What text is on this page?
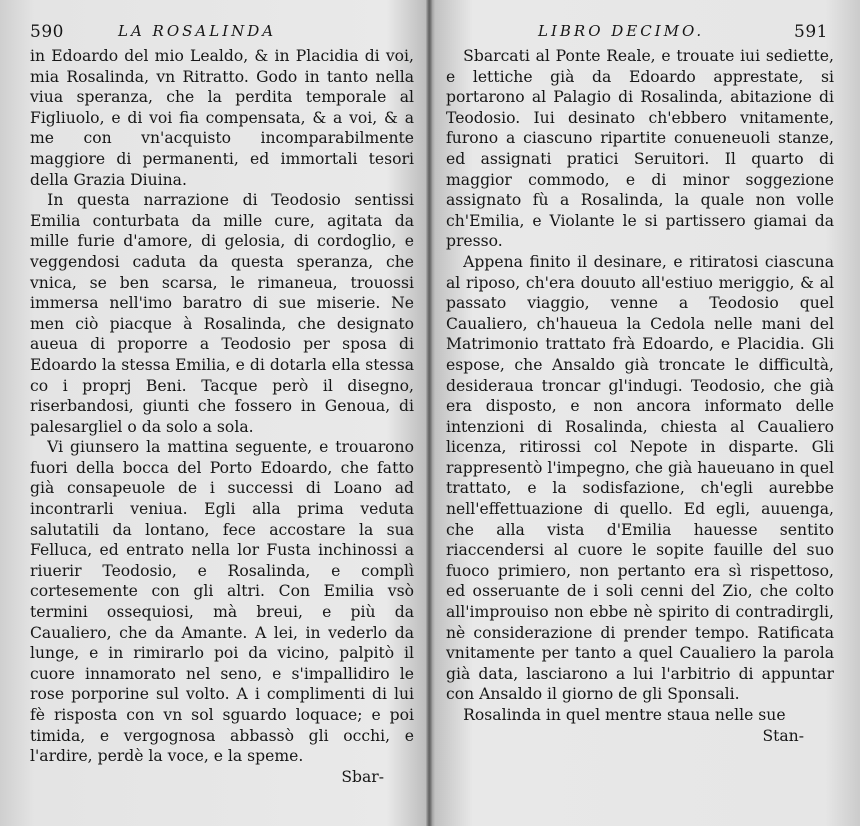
590	LA ROSALINDA

in Edoardo del mio Lealdo, & in Placidia di voi, mia Rosalinda, vn Ritratto. Godo in tanto nella viua speranza, che la perdita temporale al Figliuolo, e di voi fia compensata, & a voi, & a me con vn'acquisto incomparabilmente maggiore di permanenti, ed immortali tesori della Grazia Diuina.

In questa narrazione di Teodosio sentissi Emilia conturbata da mille cure, agitata da mille furie d'amore, di gelosia, di cordoglio, e veggendosi caduta da questa speranza, che vnica, se ben scarsa, le rimaneua, trouossi immersa nell'imo baratro di sue miserie. Ne men ciò piacque à Rosalinda, che designato aueua di proporre a Teodosio per sposa di Edoardo la stessa Emilia, e di dotarla ella stessa co i proprj Beni. Tacque però il disegno, riserbandosi, giunti che fossero in Genoua, di palesargliel o da solo a sola.

Vi giunsero la mattina seguente, e trouarono fuori della bocca del Porto Edoardo, che fatto già consapeuole de i successi di Loano ad incontrarli veniua. Egli alla prima veduta salutatili da lontano, fece accostare la sua Felluca, ed entrato nella lor Fusta inchinossi a riuerir Teodosio, e Rosalinda, e complì cortesemente con gli altri. Con Emilia vsò termini ossequiosi, mà breui, e più da Caualiero, che da Amante. A lei, in vederlo da lunge, e in rimirarlo poi da vicino, palpitò il cuore innamorato nel seno, e s'impallidiro le rose porporine sul volto. A i complimenti di lui fè risposta con vn sol sguardo loquace; e poi timida, e vergognosa abbassò gli occhi, e l'ardire, perdè la voce, e la speme.

Sbar-
LIBRO DECIMO.	591

Sbarcati al Ponte Reale, e trouate iui sediette, e lettiche già da Edoardo apprestate, si portarono al Palagio di Rosalinda, abitazione di Teodosio. Iui desinato ch'ebbero vnitamente, furono a ciascuno ripartite conueneuoli stanze, ed assignati pratici Seruitori. Il quarto di maggior commodo, e di minor soggezione assignato fù a Rosalinda, la quale non volle ch'Emilia, e Violante le si partissero giamai da presso.

Appena finito il desinare, e ritiratosi ciascuna al riposo, ch'era douuto all'estiuo meriggio, & al passato viaggio, venne a Teodosio quel Caualiero, ch'haueua la Cedola nelle mani del Matrimonio trattato frà Edoardo, e Placidia. Gli espose, che Ansaldo già troncate le difficultà, desideraua troncar gl'indugi. Teodosio, che già era disposto, e non ancora informato delle intenzioni di Rosalinda, chiesta al Caualiero licenza, ritirossi col Nepote in disparte. Gli rappresentò l'impegno, che già haueuano in quel trattato, e la sodisfazione, ch'egli aurebbe nell'effettuazione di quello. Ed egli, auuenga, che alla vista d'Emilia hauesse sentito riaccendersi al cuore le sopite fauille del suo fuoco primiero, non pertanto era sì rispettoso, ed osseruante de i soli cenni del Zio, che colto all'improuiso non ebbe nè spirito di contradirgli, nè considerazione di prender tempo. Ratificata vnitamente per tanto a quel Caualiero la parola già data, lasciarono a lui l'arbitrio di appuntar con Ansaldo il giorno de gli Sponsali.

Rosalinda in quel mentre staua nelle sue

Stan-
